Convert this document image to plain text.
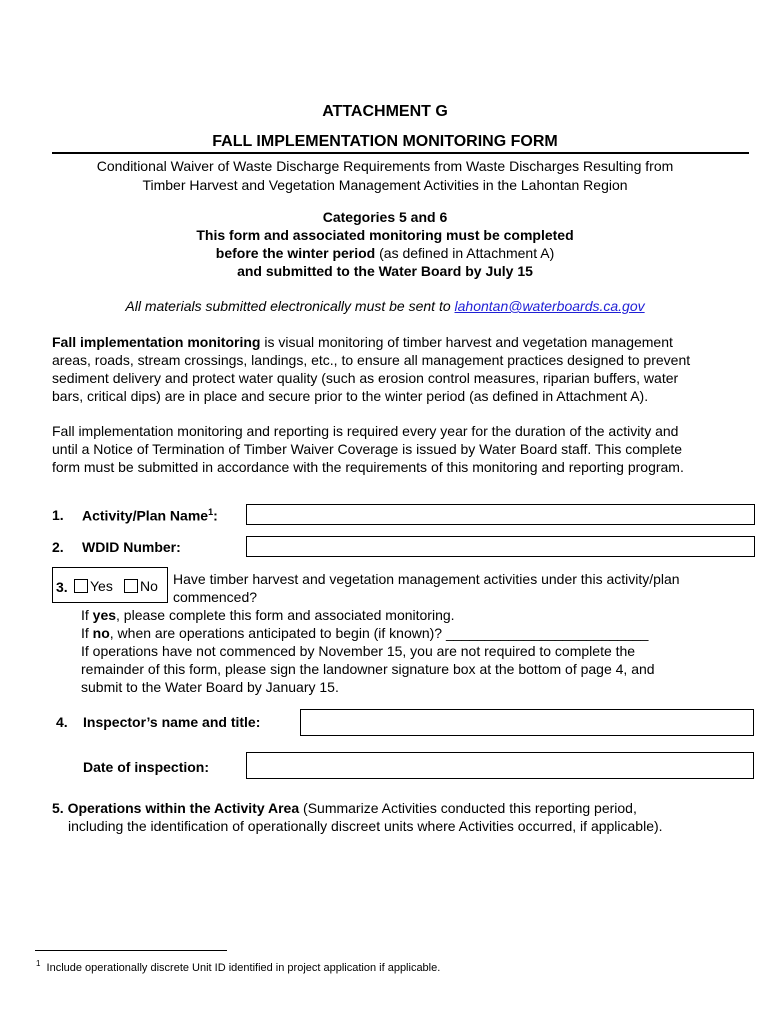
ATTACHMENT G
FALL IMPLEMENTATION MONITORING FORM
Conditional Waiver of Waste Discharge Requirements from Waste Discharges Resulting from
Timber Harvest and Vegetation Management Activities in the Lahontan Region
Categories 5 and 6
This form and associated monitoring must be completed
before the winter period (as defined in Attachment A)
and submitted to the Water Board by July 15
All materials submitted electronically must be sent to lahontan@waterboards.ca.gov
Fall implementation monitoring is visual monitoring of timber harvest and vegetation management
areas, roads, stream crossings, landings, etc., to ensure all management practices designed to prevent
sediment delivery and protect water quality (such as erosion control measures, riparian buffers, water
bars, critical dips) are in place and secure prior to the winter period (as defined in Attachment A).
Fall implementation monitoring and reporting is required every year for the duration of the activity and
until a Notice of Termination of Timber Waiver Coverage is issued by Water Board staff. This complete
form must be submitted in accordance with the requirements of this monitoring and reporting program.
1. Activity/Plan Name$^1$:
2. WDID Number:
3.	Yes	No Have timber harvest and vegetation management activities under this activity/plan
commenced?
If yes, please complete this form and associated monitoring.
If no, when are operations anticipated to begin (if known)? __________________________
If operations have not commenced by November 15, you are not required to complete the
remainder of this form, please sign the landowner signature box at the bottom of page 4, and
submit to the Water Board by January 15.
4. Inspector’s name and title:
Date of inspection:
5. Operations within the Activity Area (Summarize Activities conducted this reporting period,
including the identification of operationally discreet units where Activities occurred, if applicable).
$^1$ Include operationally discrete Unit ID identified in project application if applicable.
